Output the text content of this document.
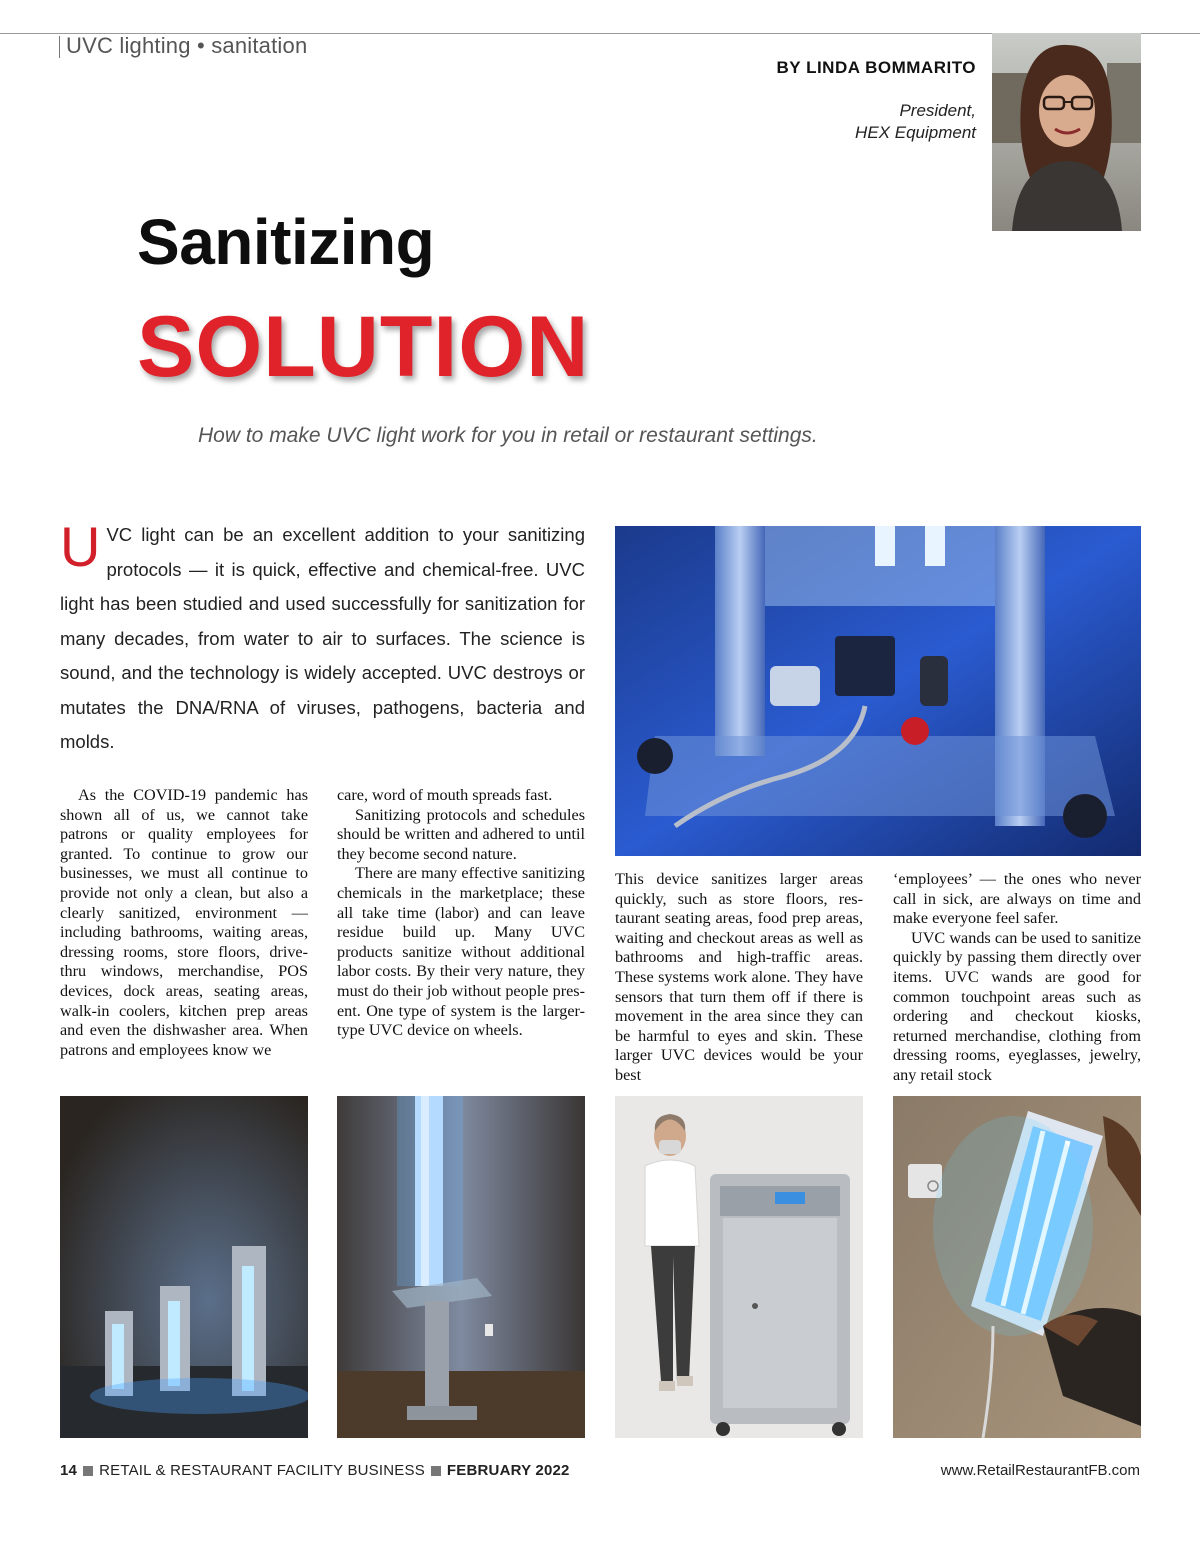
UVC lighting • sanitation
BY LINDA BOMMARITO
President,
HEX Equipment
Sanitizing
SOLUTION
How to make UVC light work for you in retail or restaurant settings.
UVC light can be an excellent addition to your sanitizing protocols — it is quick, effective and chemical-free. UVC light has been studied and used successfully for sanitization for many decades, from water to air to surfaces. The science is sound, and the technology is widely accepted. UVC destroys or mutates the DNA/RNA of viruses, pathogens, bacteria and molds.

As the COVID-19 pandemic has shown all of us, we cannot take patrons or quality employees for granted. To continue to grow our businesses, we must all continue to provide not only a clean, but also a clearly sanitized, environment — including bathrooms, waiting areas, dressing rooms, store floors, drive-thru windows, merchandise, POS devices, dock areas, seating areas, walk-in coolers, kitchen prep areas and even the dishwasher area. When patrons and employees know we

care, word of mouth spreads fast.

Sanitizing protocols and schedules should be written and adhered to until they become second nature.

There are many effective sanitizing chemicals in the marketplace; these all take time (labor) and can leave residue build up. Many UVC products sanitize without additional labor costs. By their very nature, they must do their job without people present. One type of system is the larger-type UVC device on wheels.

This device sanitizes larger areas quickly, such as store floors, restaurant seating areas, food prep areas, waiting and checkout areas as well as bathrooms and high-traffic areas. These systems work alone. They have sensors that turn them off if there is movement in the area since they can be harmful to eyes and skin. These larger UVC devices would be your best

‘employees’ — the ones who never call in sick, are always on time and make everyone feel safer.

UVC wands can be used to sanitize quickly by passing them directly over items. UVC wands are good for common touchpoint areas such as ordering and checkout kiosks, returned merchandise, clothing from dressing rooms, eyeglasses, jewelry, any retail stock

14 RETAIL & RESTAURANT FACILITY BUSINESS FEBRUARY 2022	www.RetailRestaurantFB.com
